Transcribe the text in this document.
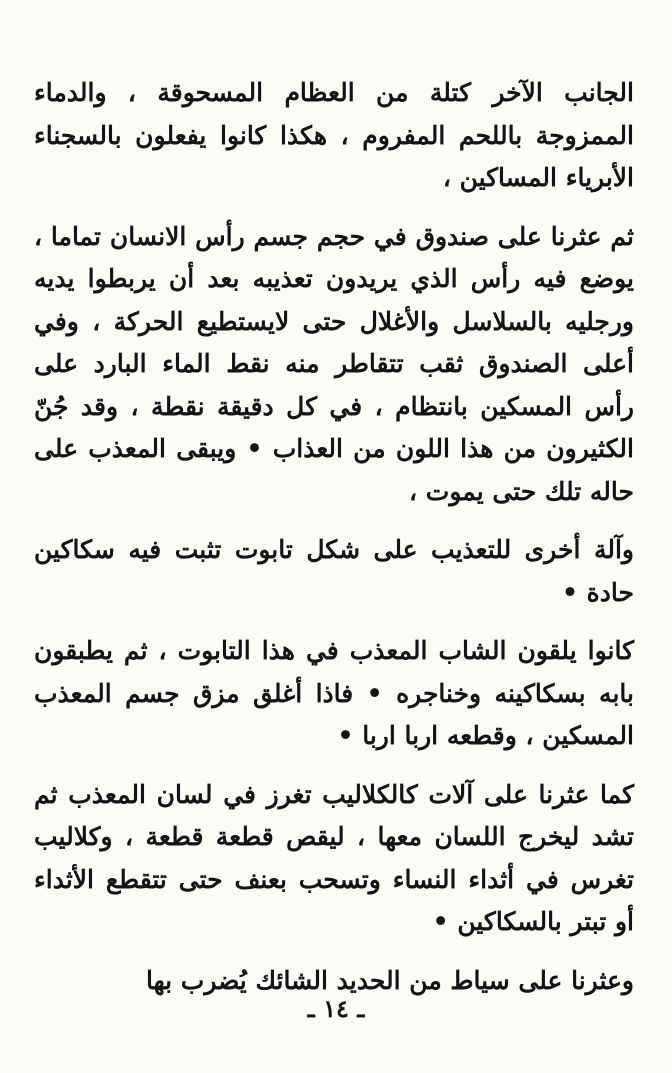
الجانب الآخر كتلة من العظام المسحوقة ، والدماء الممزوجة باللحم المفروم ، هكذا كانوا يفعلون بالسجناء الأبرياء المساكين ،

ثم عثرنا على صندوق في حجم جسم رأس الانسان تماما ، يوضع فيه رأس الذي يريدون تعذيبه بعد أن يربطوا يديه ورجليه بالسلاسل والأغلال حتى لايستطيع الحركة ، وفي أعلى الصندوق ثقب تتقاطر منه نقط الماء البارد على رأس المسكين بانتظام ، في كل دقيقة نقطة ، وقد جُنّ الكثيرون من هذا اللون من العذاب • ويبقى المعذب على حاله تلك حتى يموت ،

وآلة أخرى للتعذيب على شكل تابوت تثبت فيه سكاكين حادة •

كانوا يلقون الشاب المعذب في هذا التابوت ، ثم يطبقون بابه بسكاكينه وخناجره • فاذا أغلق مزق جسم المعذب المسكين ، وقطعه اربا اربا •

كما عثرنا على آلات كالكلاليب تغرز في لسان المعذب ثم تشد ليخرج اللسان معها ، ليقص قطعة قطعة ، وكلاليب تغرس في أثداء النساء وتسحب بعنف حتى تتقطع الأثداء أو تبتر بالسكاكين •

وعثرنا على سياط من الحديد الشائك يُضرب بها

ـ ١٤ ـ
